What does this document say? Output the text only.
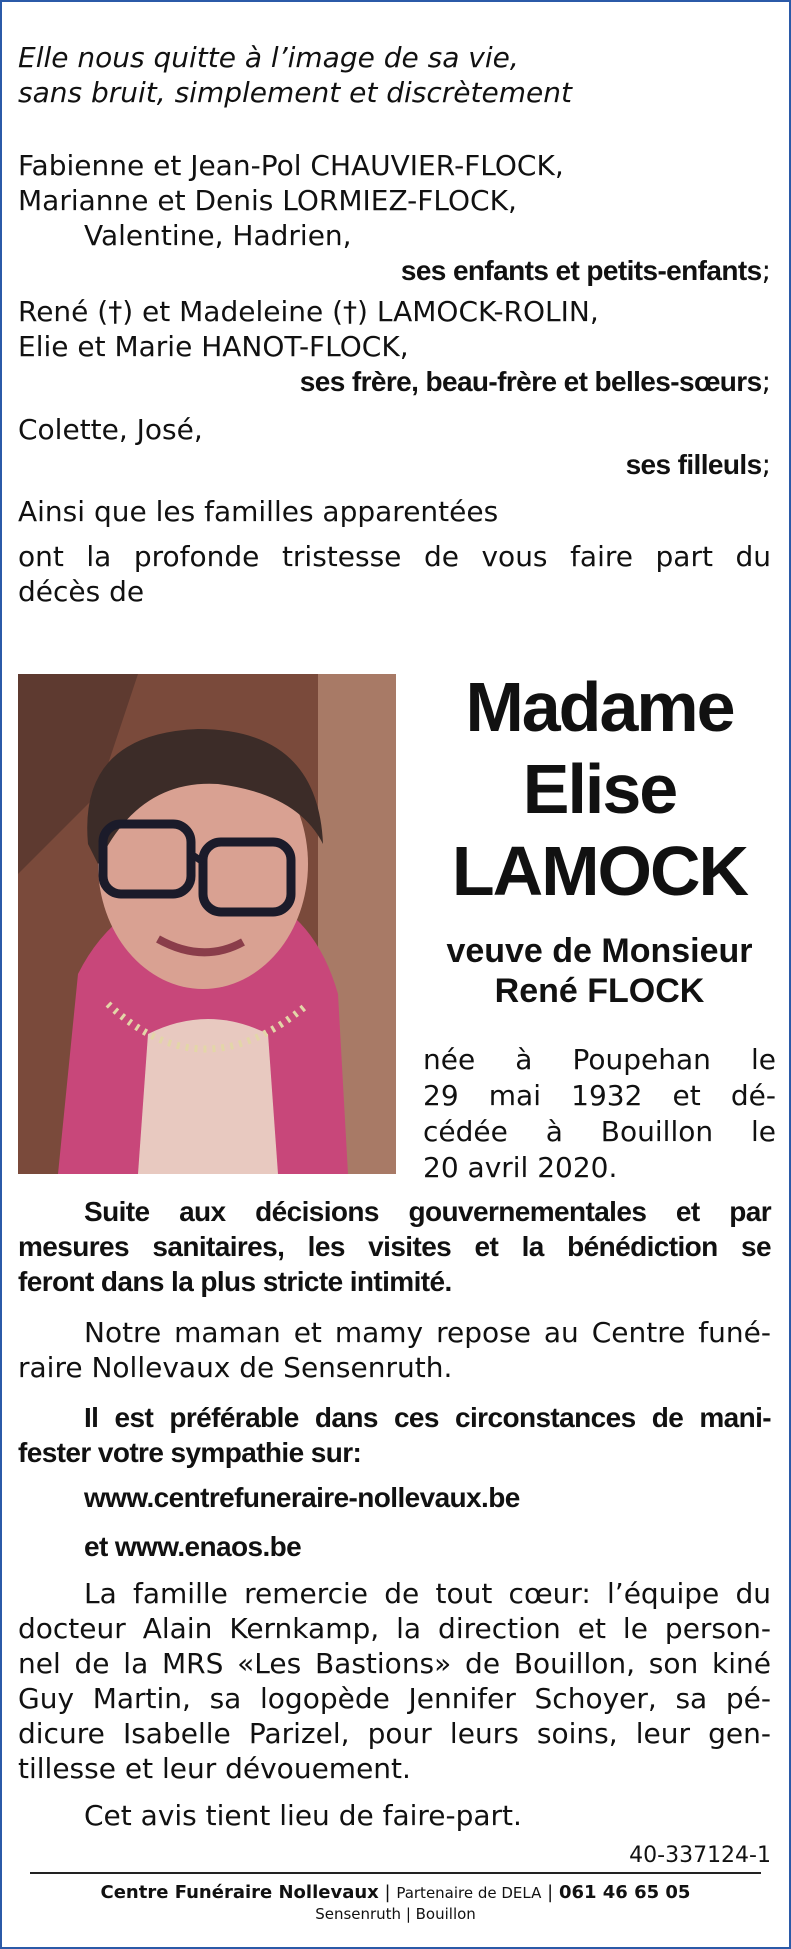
Elle nous quitte à l’image de sa vie,
sans bruit, simplement et discrètement
Fabienne et Jean-Pol CHAUVIER-FLOCK,
Marianne et Denis LORMIEZ-FLOCK,
Valentine, Hadrien,
ses enfants et petits-enfants;
René (†) et Madeleine (†) LAMOCK-ROLIN,
Elie et Marie HANOT-FLOCK,
ses frère, beau-frère et belles-sœurs;
Colette, José,
ses filleuls;
Ainsi que les familles apparentées
ont la profonde tristesse de vous faire part du
décès de
Madame
Elise
LAMOCK
veuve de Monsieur
René FLOCK
née à Poupehan le
29 mai 1932 et dé-
cédée à Bouillon le
20 avril 2020.
Suite aux décisions gouvernementales et par
mesures sanitaires, les visites et la bénédiction se
feront dans la plus stricte intimité.
Notre maman et mamy repose au Centre funé-
raire Nollevaux de Sensenruth.
Il est préférable dans ces circonstances de mani-
fester votre sympathie sur:
www.centrefuneraire-nollevaux.be
et www.enaos.be
La famille remercie de tout cœur: l’équipe du
docteur Alain Kernkamp, la direction et le person-
nel de la MRS «Les Bastions» de Bouillon, son kiné
Guy Martin, sa logopède Jennifer Schoyer, sa pé-
dicure Isabelle Parizel, pour leurs soins, leur gen-
tillesse et leur dévouement.
Cet avis tient lieu de faire-part.
40-337124-1
Centre Funéraire Nollevaux | Partenaire de DELA | 061 46 65 05
Sensenruth | Bouillon
